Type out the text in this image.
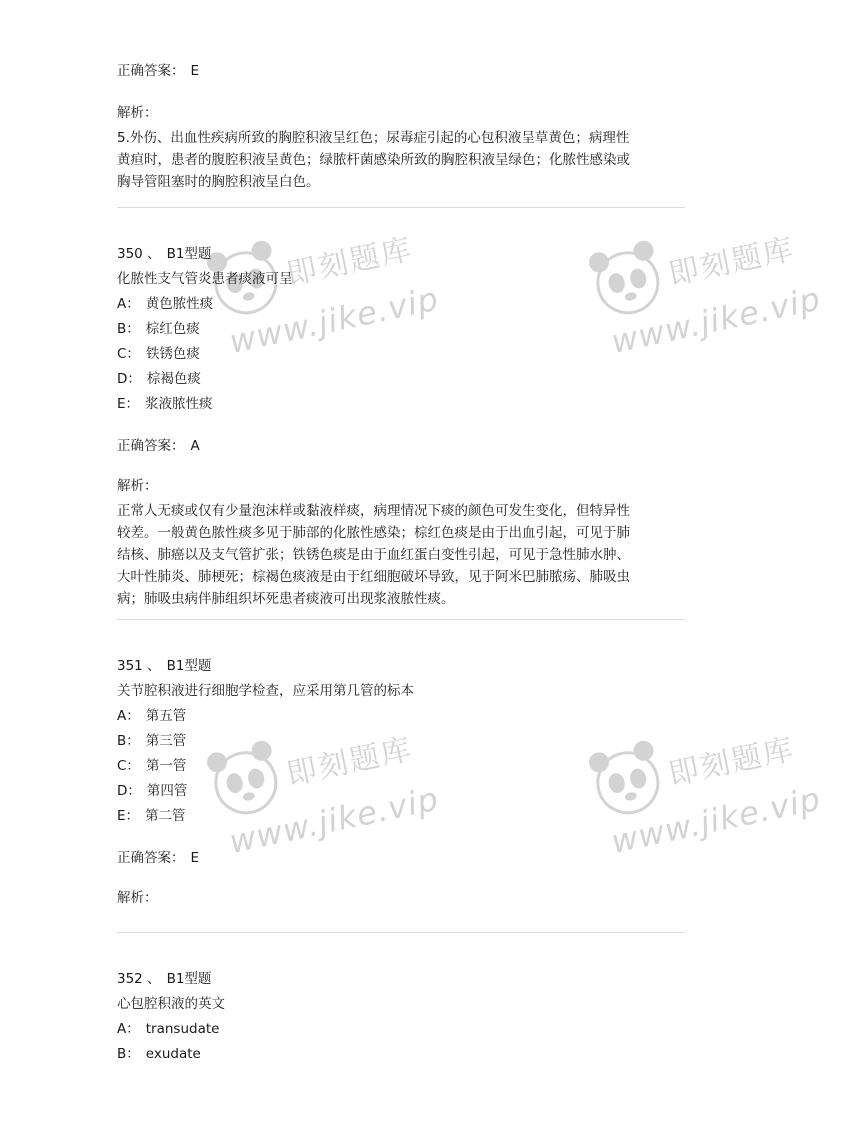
即刻题库
www.jike.vip
即刻题库
www.jike.vip
即刻题库
www.jike.vip
即刻题库
www.jike.vip
正确答案： E
解析：
5.外伤、出血性疾病所致的胸腔积液呈红色；尿毒症引起的心包积液呈草黄色；病理性
黄疸时，患者的腹腔积液呈黄色；绿脓杆菌感染所致的胸腔积液呈绿色；化脓性感染或
胸导管阻塞时的胸腔积液呈白色。
350 、 B1型题
化脓性支气管炎患者痰液可呈
A： 黄色脓性痰
B： 棕红色痰
C： 铁锈色痰
D： 棕褐色痰
E： 浆液脓性痰
正确答案： A
解析：
正常人无痰或仅有少量泡沫样或黏液样痰，病理情况下痰的颜色可发生变化，但特异性
较差。一般黄色脓性痰多见于肺部的化脓性感染；棕红色痰是由于出血引起，可见于肺
结核、肺癌以及支气管扩张；铁锈色痰是由于血红蛋白变性引起，可见于急性肺水肿、
大叶性肺炎、肺梗死；棕褐色痰液是由于红细胞破坏导致，见于阿米巴肺脓疡、肺吸虫
病；肺吸虫病伴肺组织坏死患者痰液可出现浆液脓性痰。
351 、 B1型题
关节腔积液进行细胞学检查，应采用第几管的标本
A： 第五管
B： 第三管
C： 第一管
D： 第四管
E： 第二管
正确答案： E
解析：
352 、 B1型题
心包腔积液的英文
A： transudate
B： exudate
